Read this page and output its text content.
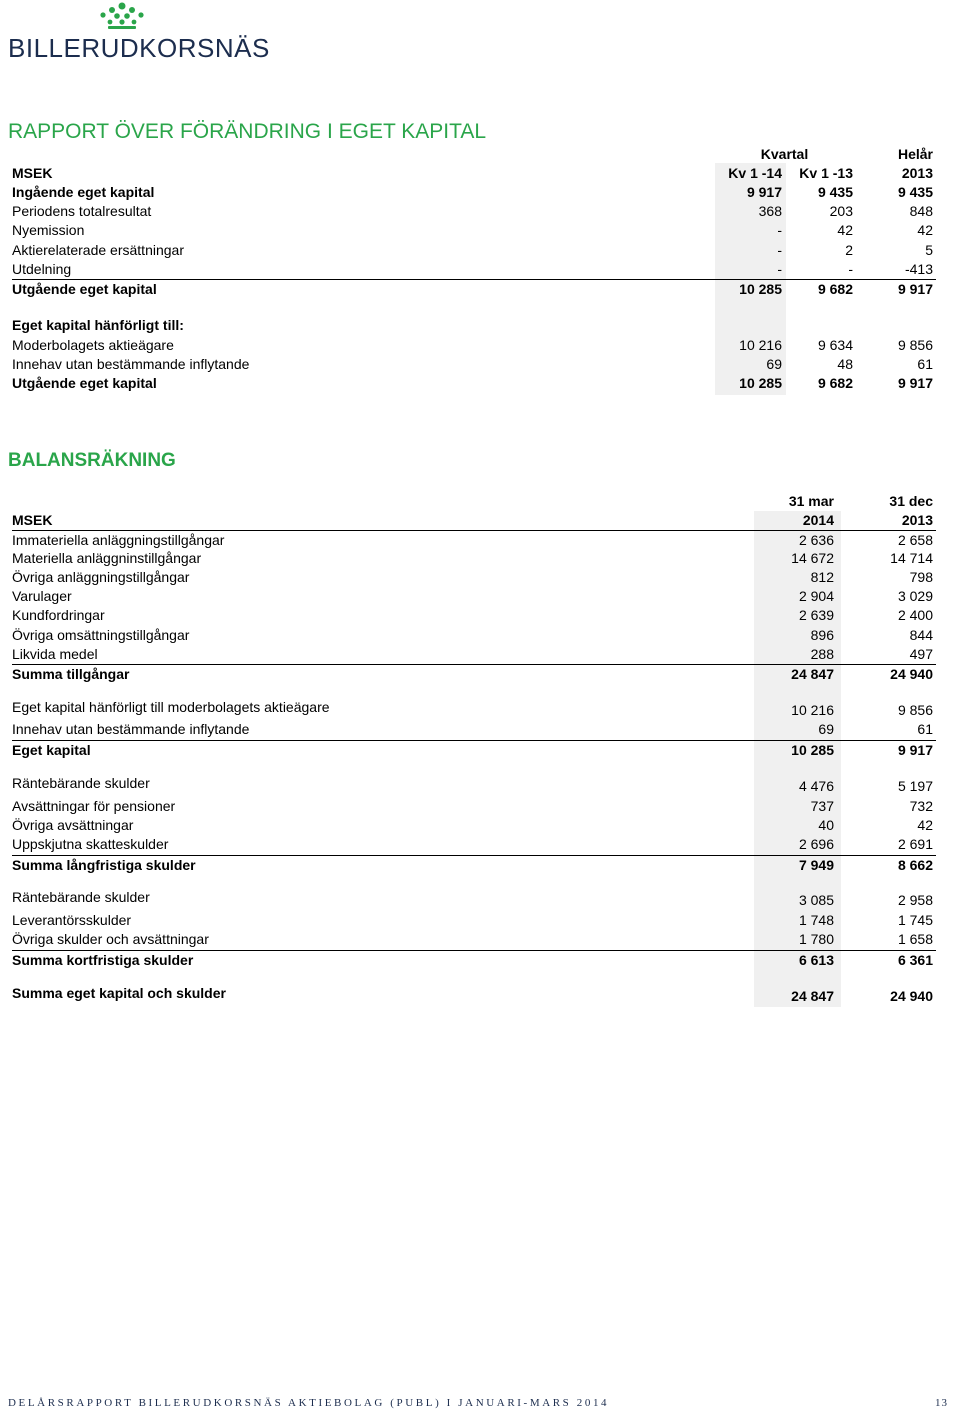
BILLERUDKORSNÄS
RAPPORT ÖVER FÖRÄNDRING I EGET KAPITAL
Kvartal	Helår
MSEK	Kv 1 -14	Kv 1 -13	2013
Ingående eget kapital	9 917	9 435	9 435
Periodens totalresultat	368	203	848
Nyemission	-	42	42
Aktierelaterade ersättningar	-	2	5
Utdelning	-	-	-413
Utgående eget kapital	10 285	9 682	9 917
Eget kapital hänförligt till:
Moderbolagets aktieägare	10 216	9 634	9 856
Innehav utan bestämmande inflytande	69	48	61
Utgående eget kapital	10 285	9 682	9 917
BALANSRÄKNING
31 mar	31 dec
MSEK	2014	2013
Immateriella anläggningstillgångar	2 636	2 658
Materiella anläggninstillgångar	14 672	14 714
Övriga anläggningstillgångar	812	798
Varulager	2 904	3 029
Kundfordringar	2 639	2 400
Övriga omsättningstillgångar	896	844
Likvida medel	288	497
Summa tillgångar	24 847	24 940
Eget kapital hänförligt till moderbolagets aktieägare	10 216	9 856
Innehav utan bestämmande inflytande	69	61
Eget kapital	10 285	9 917
Räntebärande skulder	4 476	5 197
Avsättningar för pensioner	737	732
Övriga avsättningar	40	42
Uppskjutna skatteskulder	2 696	2 691
Summa långfristiga skulder	7 949	8 662
Räntebärande skulder	3 085	2 958
Leverantörsskulder	1 748	1 745
Övriga skulder och avsättningar	1 780	1 658
Summa kortfristiga skulder	6 613	6 361
Summa eget kapital och skulder	24 847	24 940
DELÅRSRAPPORT BILLERUDKORSNÄS AKTIEBOLAG (PUBL) I JANUARI-MARS 2014	13
